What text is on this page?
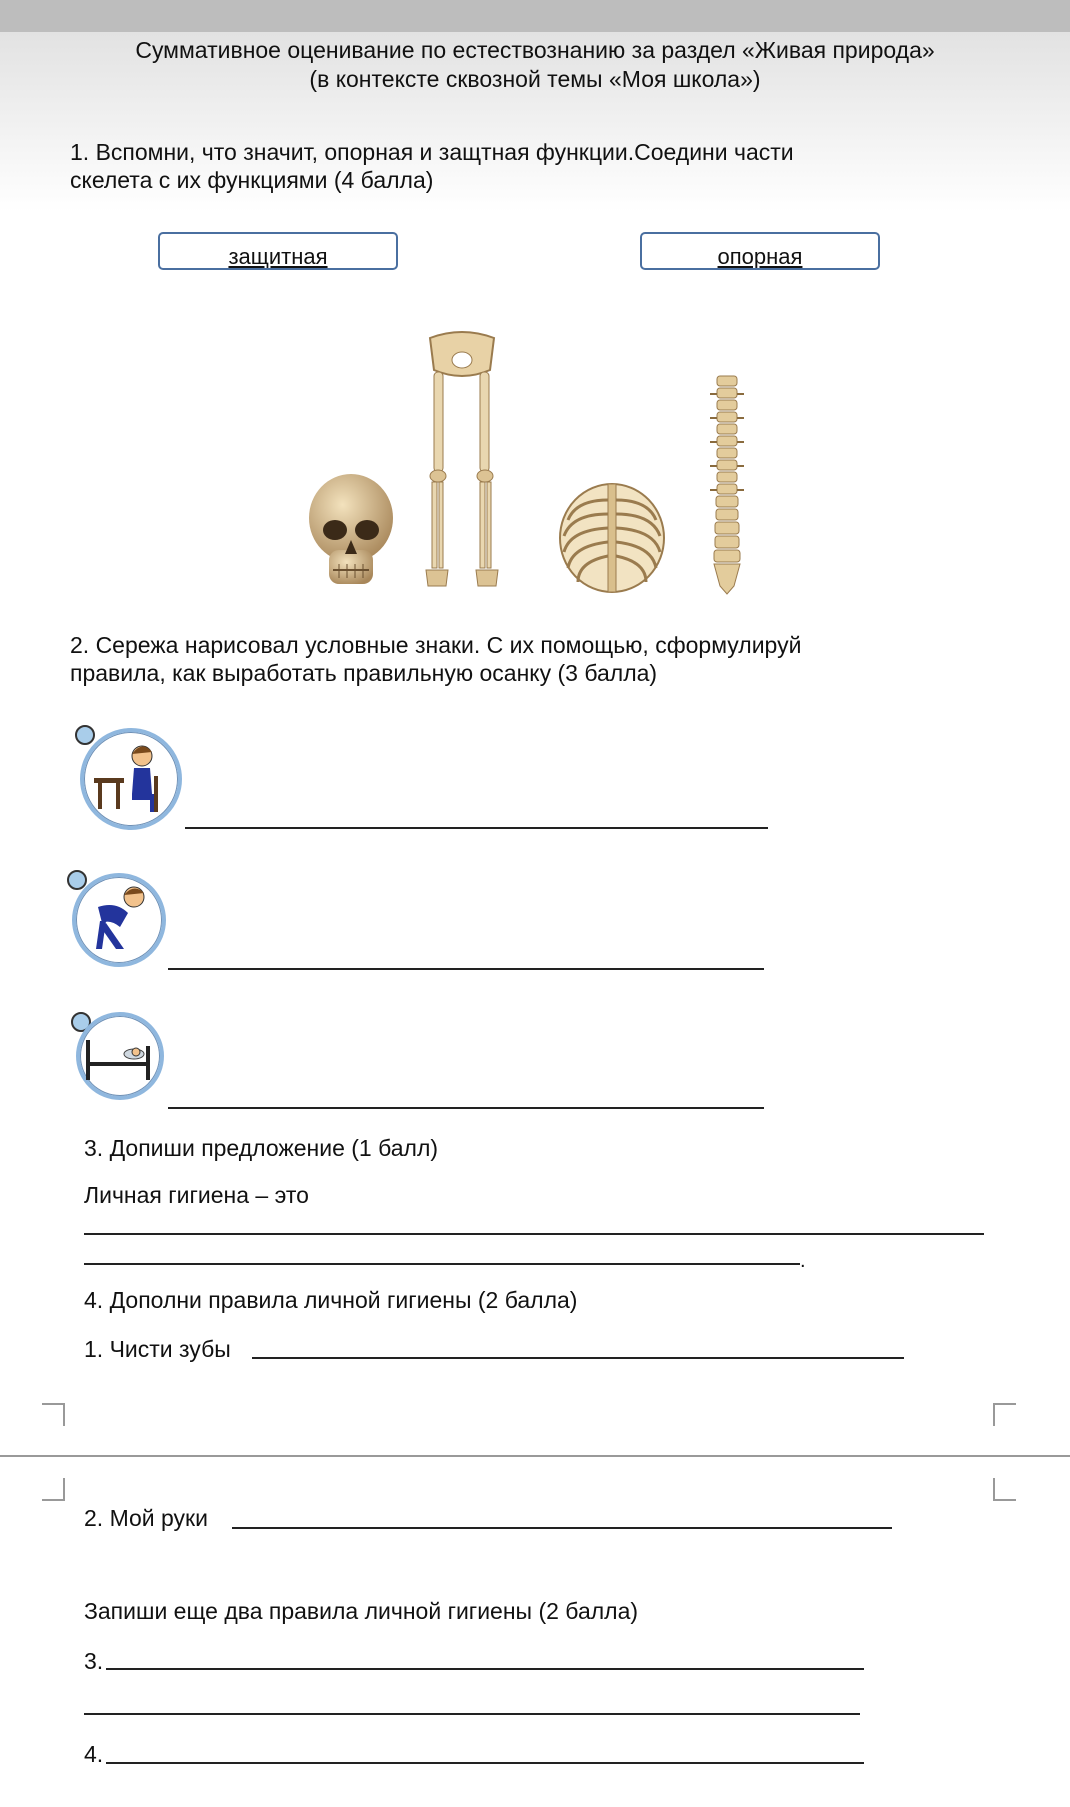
Суммативное оценивание по естествознанию за раздел «Живая природа»
(в контексте сквозной темы «Моя школа»)
1. Вспомни, что значит, опорная и защтная функции.Соедини части
скелета с их функциями (4 балла)
защитная	опорная
2. Сережа нарисовал условные знаки. С их помощью, сформулируй
правила, как выработать правильную осанку (3 балла)
3. Допиши предложение (1 балл)
Личная гигиена – это
.
4. Дополни правила личной гигиены (2 балла)
1. Чисти зубы
2. Мой руки
Запиши еще два правила личной гигиены (2 балла)
3.
4.
